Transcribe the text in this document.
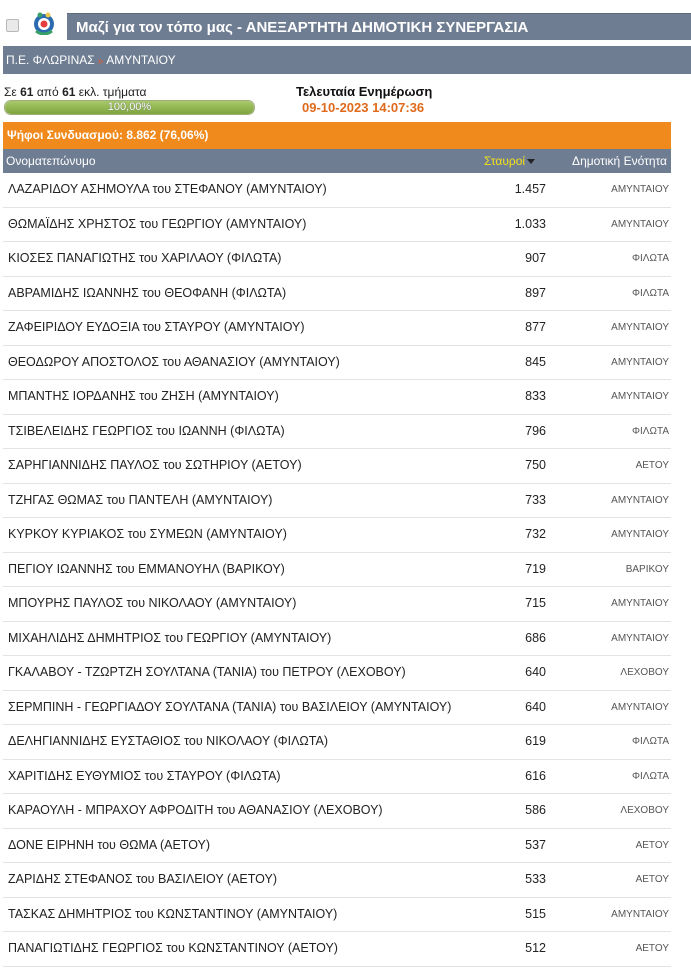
Μαζί για τον τόπο μας - ΑΝΕΞΑΡΤΗΤΗ ΔΗΜΟΤΙΚΗ ΣΥΝΕΡΓΑΣΙΑ
Π.Ε. ΦΛΩΡΙΝΑΣ » ΑΜΥΝΤΑΙΟΥ
Σε 61 από 61 εκλ. τμήματα
100,00%
Τελευταία Ενημέρωση
09-10-2023 14:07:36
Ψήφοι Συνδυασμού: 8.862 (76,06%)
Ονοματεπώνυμο	Σταυροί	Δημοτική Ενότητα
ΛΑΖΑΡΙΔΟΥ ΑΣΗΜΟΥΛΑ του ΣΤΕΦΑΝΟΥ (ΑΜΥΝΤΑΙΟΥ)	1.457	ΑΜΥΝΤΑΙΟΥ
ΘΩΜΑΪΔΗΣ ΧΡΗΣΤΟΣ του ΓΕΩΡΓΙΟΥ (ΑΜΥΝΤΑΙΟΥ)	1.033	ΑΜΥΝΤΑΙΟΥ
ΚΙΟΣΕΣ ΠΑΝΑΓΙΩΤΗΣ του ΧΑΡΙΛΑΟΥ (ΦΙΛΩΤΑ)	907	ΦΙΛΩΤΑ
ΑΒΡΑΜΙΔΗΣ ΙΩΑΝΝΗΣ του ΘΕΟΦΑΝΗ (ΦΙΛΩΤΑ)	897	ΦΙΛΩΤΑ
ΖΑΦΕΙΡΙΔΟΥ ΕΥΔΟΞΙΑ του ΣΤΑΥΡΟΥ (ΑΜΥΝΤΑΙΟΥ)	877	ΑΜΥΝΤΑΙΟΥ
ΘΕΟΔΩΡΟΥ ΑΠΟΣΤΟΛΟΣ του ΑΘΑΝΑΣΙΟΥ (ΑΜΥΝΤΑΙΟΥ)	845	ΑΜΥΝΤΑΙΟΥ
ΜΠΑΝΤΗΣ ΙΟΡΔΑΝΗΣ του ΖΗΣΗ (ΑΜΥΝΤΑΙΟΥ)	833	ΑΜΥΝΤΑΙΟΥ
ΤΣΙΒΕΛΕΙΔΗΣ ΓΕΩΡΓΙΟΣ του ΙΩΑΝΝΗ (ΦΙΛΩΤΑ)	796	ΦΙΛΩΤΑ
ΣΑΡΗΓΙΑΝΝΙΔΗΣ ΠΑΥΛΟΣ του ΣΩΤΗΡΙΟΥ (ΑΕΤΟΥ)	750	ΑΕΤΟΥ
ΤΖΗΓΑΣ ΘΩΜΑΣ του ΠΑΝΤΕΛΗ (ΑΜΥΝΤΑΙΟΥ)	733	ΑΜΥΝΤΑΙΟΥ
ΚΥΡΚΟΥ ΚΥΡΙΑΚΟΣ του ΣΥΜΕΩΝ (ΑΜΥΝΤΑΙΟΥ)	732	ΑΜΥΝΤΑΙΟΥ
ΠΕΓΙΟΥ ΙΩΑΝΝΗΣ του ΕΜΜΑΝΟΥΗΛ (ΒΑΡΙΚΟΥ)	719	ΒΑΡΙΚΟΥ
ΜΠΟΥΡΗΣ ΠΑΥΛΟΣ του ΝΙΚΟΛΑΟΥ (ΑΜΥΝΤΑΙΟΥ)	715	ΑΜΥΝΤΑΙΟΥ
ΜΙΧΑΗΛΙΔΗΣ ΔΗΜΗΤΡΙΟΣ του ΓΕΩΡΓΙΟΥ (ΑΜΥΝΤΑΙΟΥ)	686	ΑΜΥΝΤΑΙΟΥ
ΓΚΑΛΑΒΟΥ - ΤΖΩΡΤΖΗ ΣΟΥΛΤΑΝΑ (ΤΑΝΙΑ) του ΠΕΤΡΟΥ (ΛΕΧΟΒΟΥ)	640	ΛΕΧΟΒΟΥ
ΣΕΡΜΠΙΝΗ - ΓΕΩΡΓΙΑΔΟΥ ΣΟΥΛΤΑΝΑ (ΤΑΝΙΑ) του ΒΑΣΙΛΕΙΟΥ (ΑΜΥΝΤΑΙΟΥ)	640	ΑΜΥΝΤΑΙΟΥ
ΔΕΛΗΓΙΑΝΝΙΔΗΣ ΕΥΣΤΑΘΙΟΣ του ΝΙΚΟΛΑΟΥ (ΦΙΛΩΤΑ)	619	ΦΙΛΩΤΑ
ΧΑΡΙΤΙΔΗΣ ΕΥΘΥΜΙΟΣ του ΣΤΑΥΡΟΥ (ΦΙΛΩΤΑ)	616	ΦΙΛΩΤΑ
ΚΑΡΑΟΥΛΗ - ΜΠΡΑΧΟΥ ΑΦΡΟΔΙΤΗ του ΑΘΑΝΑΣΙΟΥ (ΛΕΧΟΒΟΥ)	586	ΛΕΧΟΒΟΥ
ΔΟΝΕ ΕΙΡΗΝΗ του ΘΩΜΑ (ΑΕΤΟΥ)	537	ΑΕΤΟΥ
ΖΑΡΙΔΗΣ ΣΤΕΦΑΝΟΣ του ΒΑΣΙΛΕΙΟΥ (ΑΕΤΟΥ)	533	ΑΕΤΟΥ
ΤΑΣΚΑΣ ΔΗΜΗΤΡΙΟΣ του ΚΩΝΣΤΑΝΤΙΝΟΥ (ΑΜΥΝΤΑΙΟΥ)	515	ΑΜΥΝΤΑΙΟΥ
ΠΑΝΑΓΙΩΤΙΔΗΣ ΓΕΩΡΓΙΟΣ του ΚΩΝΣΤΑΝΤΙΝΟΥ (ΑΕΤΟΥ)	512	ΑΕΤΟΥ
